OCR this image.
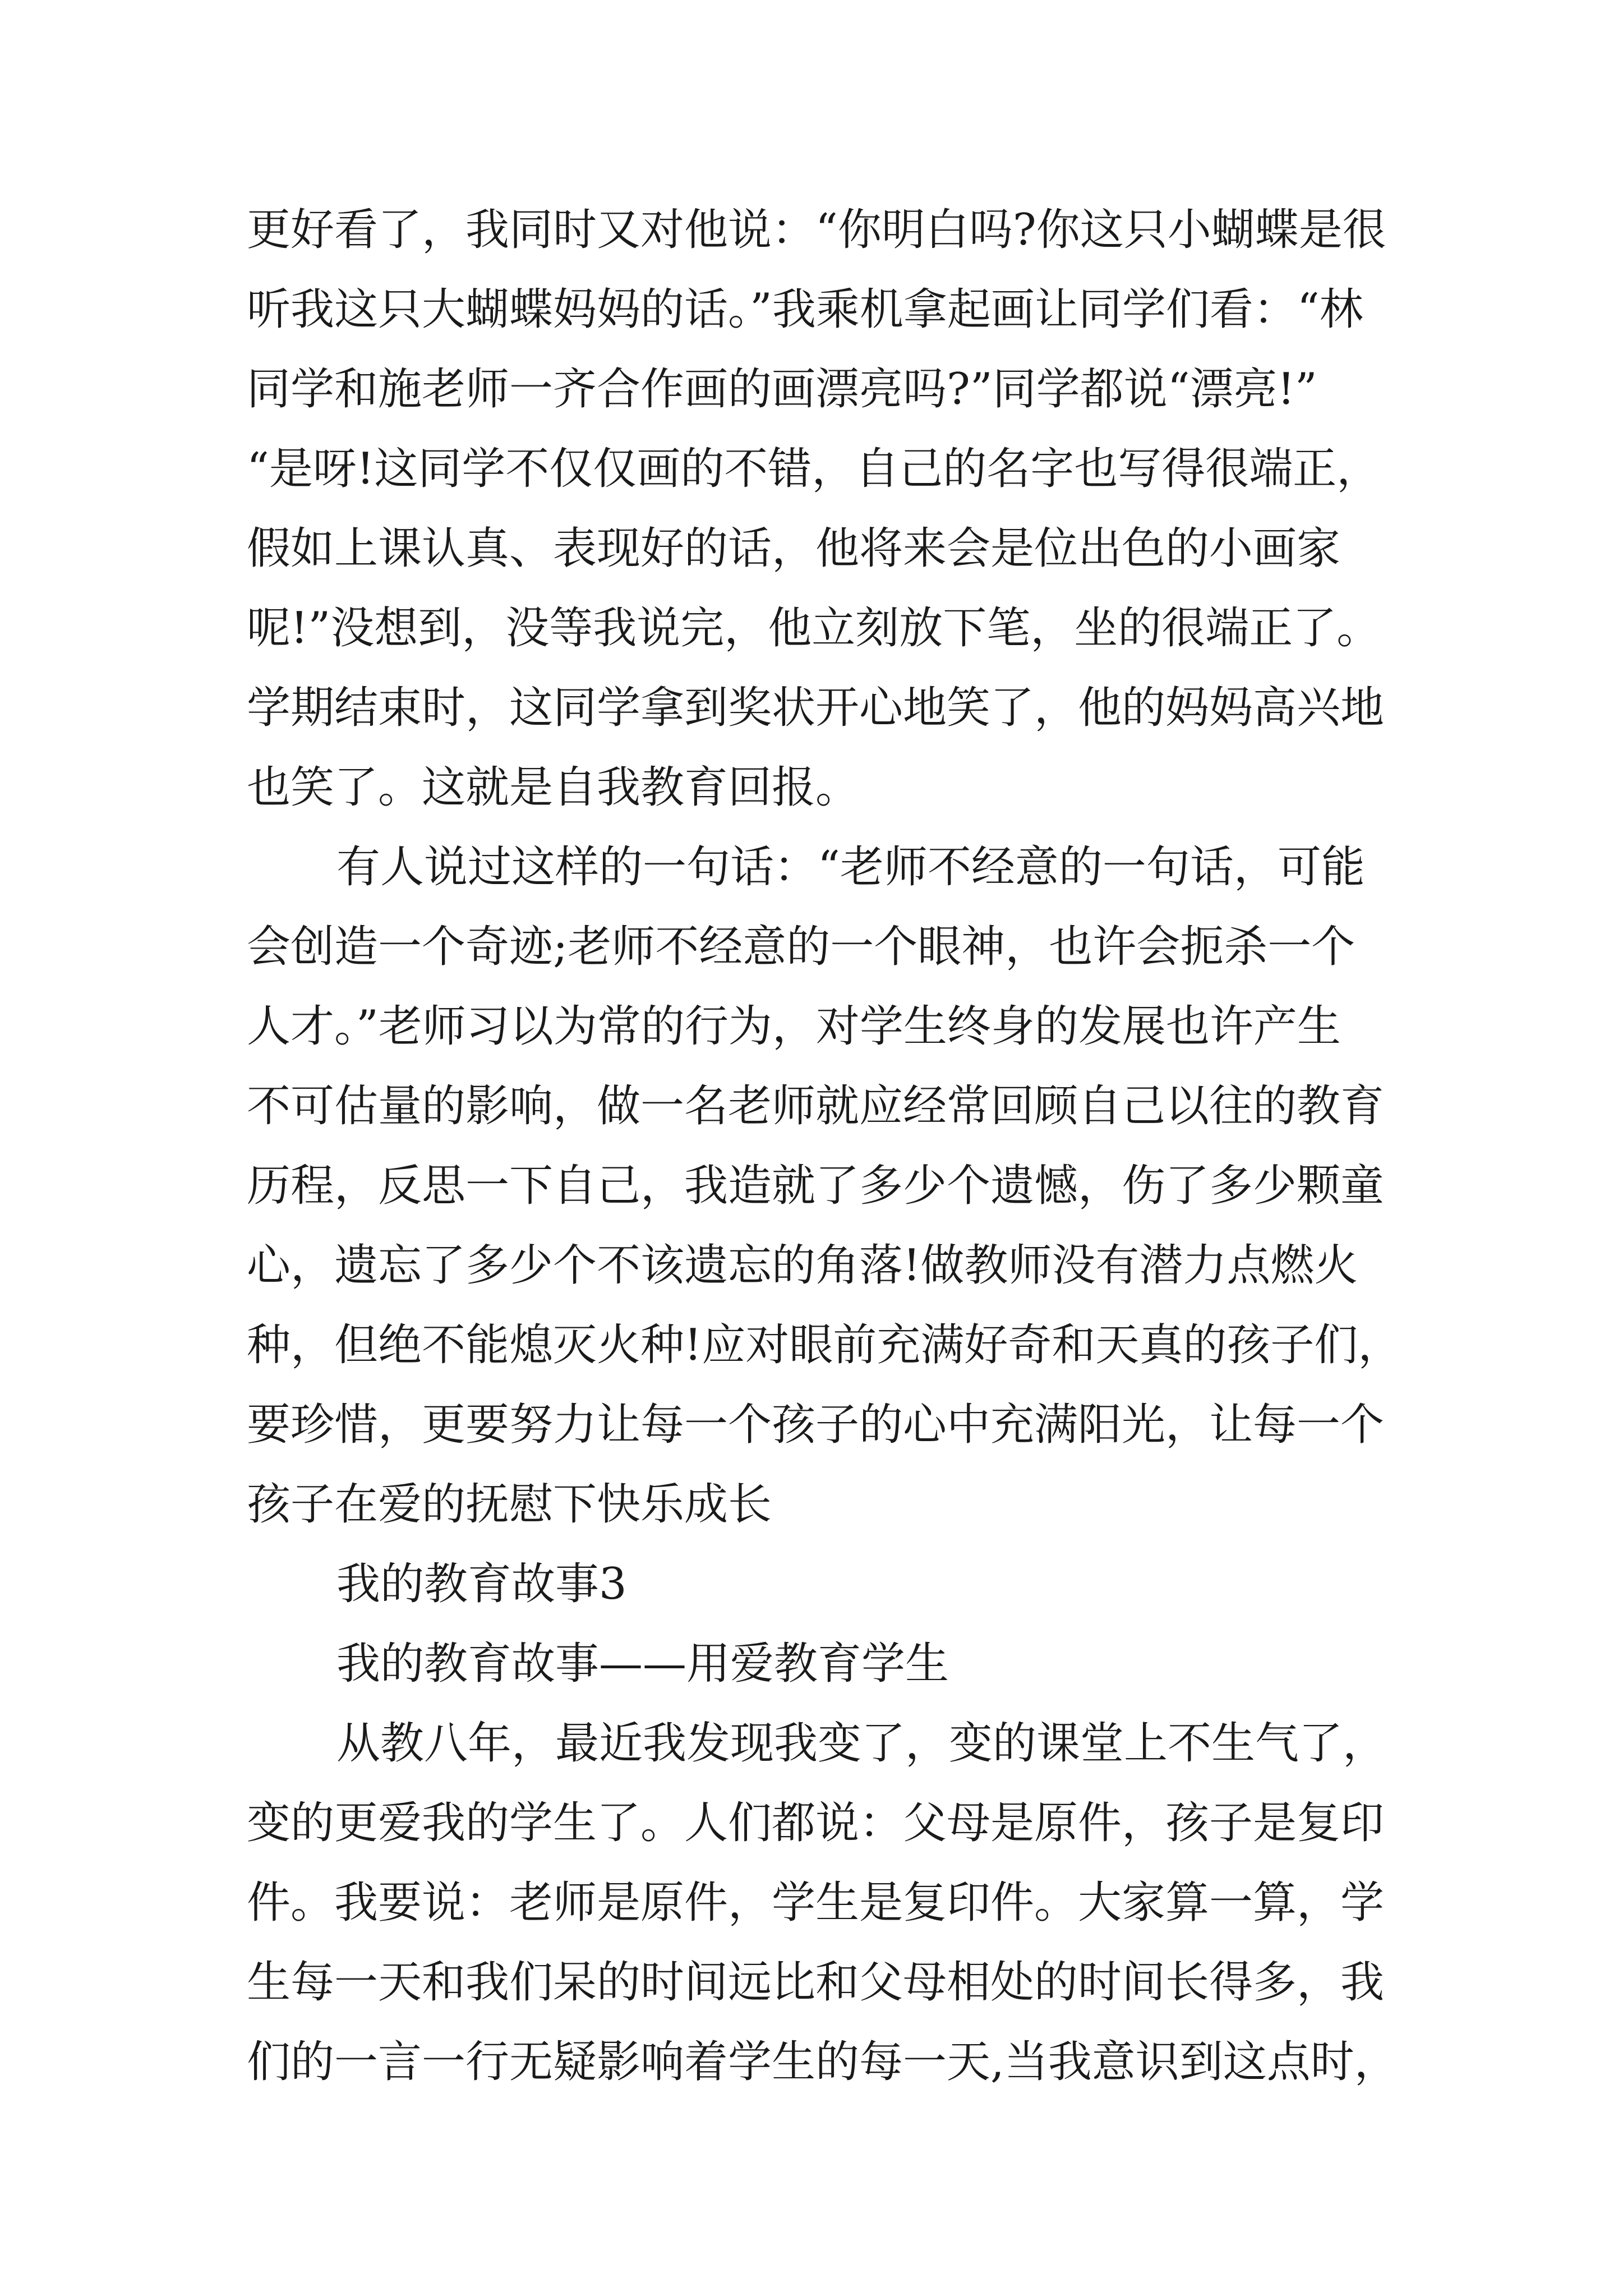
更好看了，我同时又对他说：“你明白吗?你这只小蝴蝶是很
听我这只大蝴蝶妈妈的话。”我乘机拿起画让同学们看：“林
同学和施老师一齐合作画的画漂亮吗?”同学都说“漂亮!”
“是呀!这同学不仅仅画的不错，自己的名字也写得很端正，
假如上课认真、表现好的话，他将来会是位出色的小画家
呢!”没想到，没等我说完，他立刻放下笔，坐的很端正了。
学期结束时，这同学拿到奖状开心地笑了，他的妈妈高兴地
也笑了。这就是自我教育回报。
有人说过这样的一句话：“老师不经意的一句话，可能
会创造一个奇迹;老师不经意的一个眼神，也许会扼杀一个
人才。”老师习以为常的行为，对学生终身的发展也许产生
不可估量的影响，做一名老师就应经常回顾自己以往的教育
历程，反思一下自己，我造就了多少个遗憾，伤了多少颗童
心，遗忘了多少个不该遗忘的角落!做教师没有潜力点燃火
种，但绝不能熄灭火种!应对眼前充满好奇和天真的孩子们，
要珍惜，更要努力让每一个孩子的心中充满阳光，让每一个
孩子在爱的抚慰下快乐成长
我的教育故事3
我的教育故事——用爱教育学生
从教八年，最近我发现我变了，变的课堂上不生气了，
变的更爱我的学生了。人们都说：父母是原件，孩子是复印
件。我要说：老师是原件，学生是复印件。大家算一算，学
生每一天和我们呆的时间远比和父母相处的时间长得多，我
们的一言一行无疑影响着学生的每一天,当我意识到这点时，
